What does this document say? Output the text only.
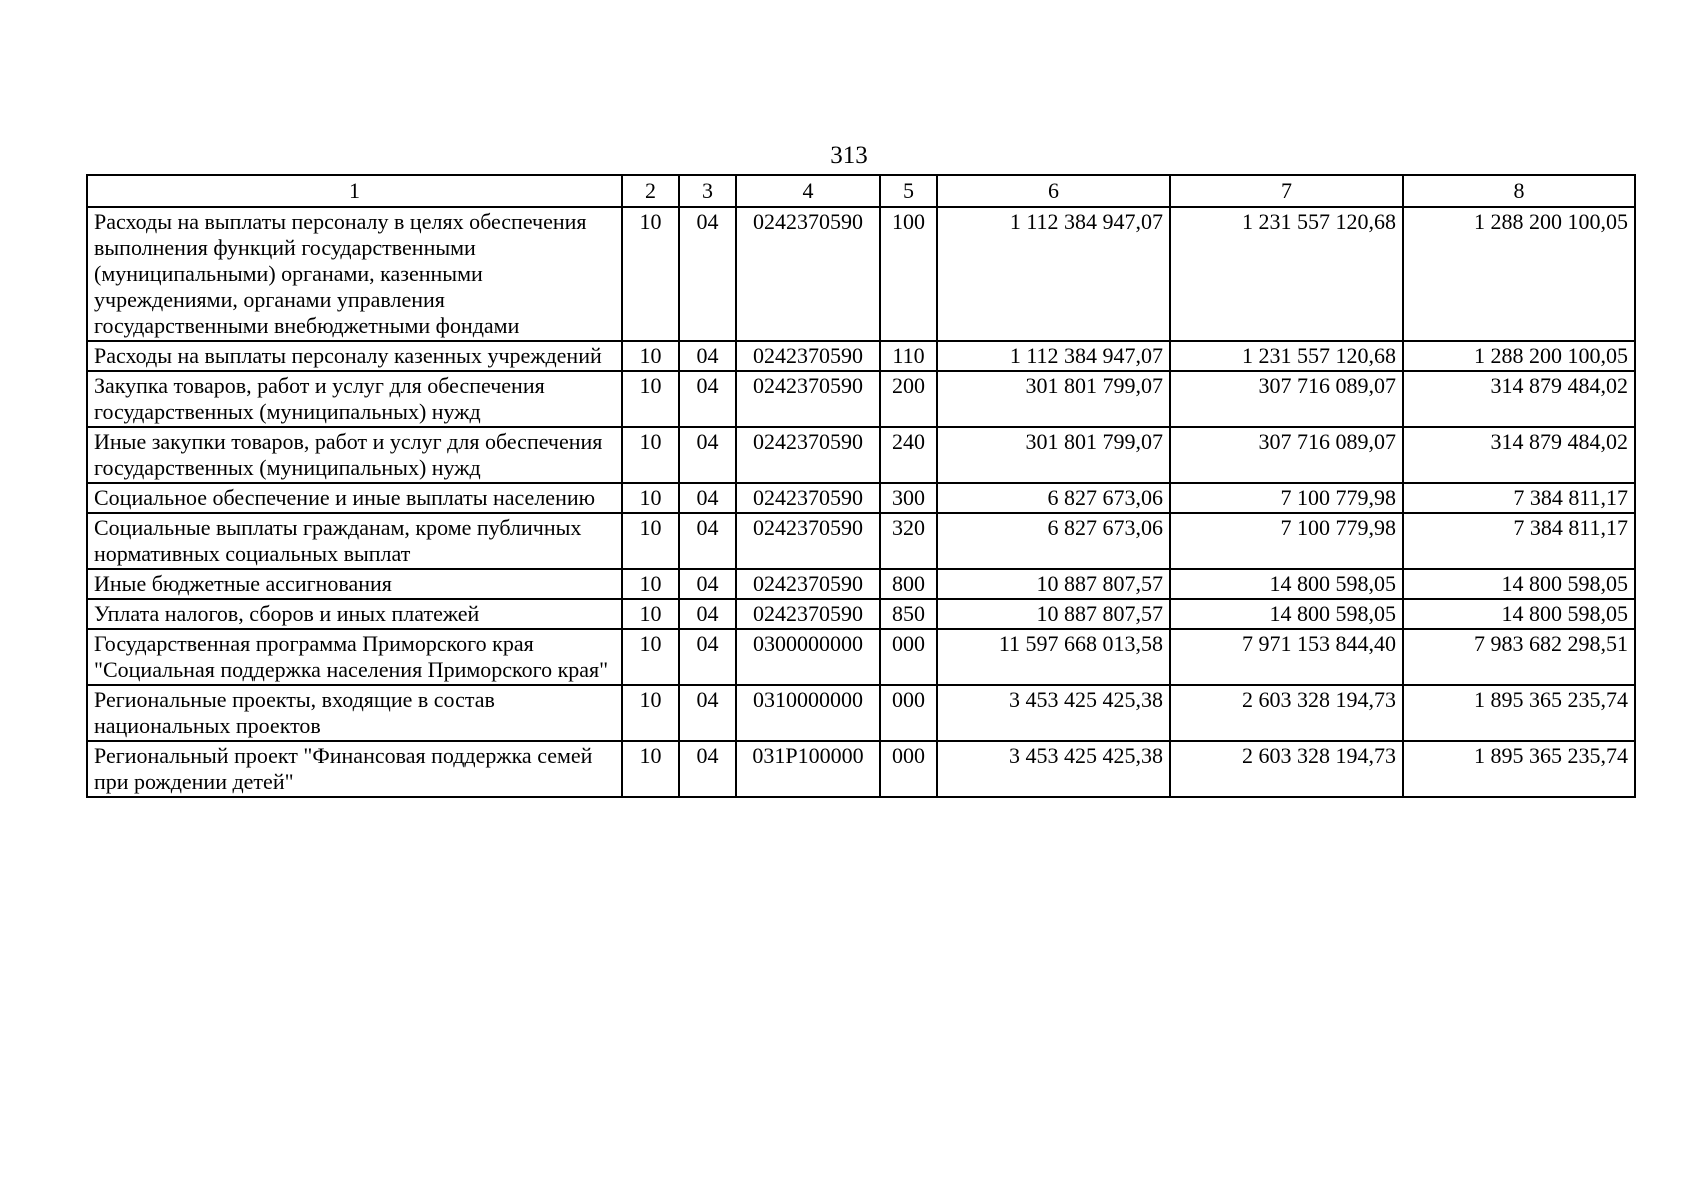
313
1	2	3	4	5	6	7	8
Расходы на выплаты персоналу в целях обеспечения выполнения функций государственными (муниципальными) органами, казенными учреждениями, органами управления государственными внебюджетными фондами	10	04	0242370590	100	1 112 384 947,07	1 231 557 120,68	1 288 200 100,05
Расходы на выплаты персоналу казенных учреждений	10	04	0242370590	110	1 112 384 947,07	1 231 557 120,68	1 288 200 100,05
Закупка товаров, работ и услуг для обеспечения государственных (муниципальных) нужд	10	04	0242370590	200	301 801 799,07	307 716 089,07	314 879 484,02
Иные закупки товаров, работ и услуг для обеспечения государственных (муниципальных) нужд	10	04	0242370590	240	301 801 799,07	307 716 089,07	314 879 484,02
Социальное обеспечение и иные выплаты населению	10	04	0242370590	300	6 827 673,06	7 100 779,98	7 384 811,17
Социальные выплаты гражданам, кроме публичных нормативных социальных выплат	10	04	0242370590	320	6 827 673,06	7 100 779,98	7 384 811,17
Иные бюджетные ассигнования	10	04	0242370590	800	10 887 807,57	14 800 598,05	14 800 598,05
Уплата налогов, сборов и иных платежей	10	04	0242370590	850	10 887 807,57	14 800 598,05	14 800 598,05
Государственная программа Приморского края "Социальная поддержка населения Приморского края"	10	04	0300000000	000	11 597 668 013,58	7 971 153 844,40	7 983 682 298,51
Региональные проекты, входящие в состав национальных проектов	10	04	0310000000	000	3 453 425 425,38	2 603 328 194,73	1 895 365 235,74
Региональный проект "Финансовая поддержка семей при рождении детей"	10	04	031P100000	000	3 453 425 425,38	2 603 328 194,73	1 895 365 235,74
